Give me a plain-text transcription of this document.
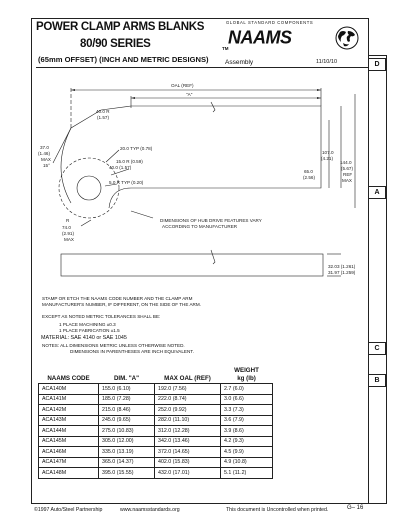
D
A
C
B
POWER CLAMP ARMS BLANKS
80/90 SERIES
(65mm OFFSET) (INCH AND METRIC DESIGNS)
TM
GLOBAL STANDARD COMPONENTS
NAAMS
Assembly	11/10/10
OAL (REF)
"A"
40.0 R
(1.57)
20.0 TYP (0.78)
15.0 R (0.59)
40.0 (1.57)
5.0 R TYP (0.20)
37.0
(1.46)
MAX
15°
107.0
(4.21)
65.0
(2.56)
144.0
(5.67)
REF
MAX
R
74.0
(2.91)
MAX
DIMENSIONS OF HUB DRIVE FEATURES VARY
ACCORDING TO MANUFACTURER
32.03 (1.261)
31.97 (1.259)
STAMP OR ETCH THE NAAMS CODE NUMBER AND THE CLAMP ARM
MANUFACTURER'S NUMBER, IF DIFFERENT, ON THE SIDE OF THE ARM.
EXCEPT AS NOTED METRIC TOLERANCES SHALL BE:
1 PLACE MACHINING ±0.3
1 PLACE FABRICATION ±1.5
MATERIAL: SAE 4140 or SAE 1045
NOTES: ALL DIMENSIONS METRIC UNLESS OTHERWISE NOTED.
DIMENSIONS IN PARENTHESES ARE INCH EQUIVALENT.
NAAMS CODE	DIM. "A"	MAX OAL (REF)	WEIGHT
kg (lb)
ACA140M	155.0 (6.10)	192.0 (7.56)	2.7 (6.0)
ACA141M	185.0 (7.28)	222.0 (8.74)	3.0 (6.6)
ACA142M	215.0 (8.46)	252.0 (9.92)	3.3 (7.3)
ACA143M	245.0 (9.65)	282.0 (11.10)	3.6 (7.9)
ACA144M	275.0 (10.83)	312.0 (12.28)	3.9 (8.6)
ACA145M	305.0 (12.00)	342.0 (13.46)	4.2 (9.3)
ACA146M	335.0 (13.19)	372.0 (14.65)	4.5 (9.9)
ACA147M	365.0 (14.37)	402.0 (15.83)	4.9 (10.8)
ACA148M	395.0 (15.55)	432.0 (17.01)	5.1 (11.2)
©1997 Auto/Steel Partnership	www.naamsstandards.org	This document is Uncontrolled when printed.	G– 16
